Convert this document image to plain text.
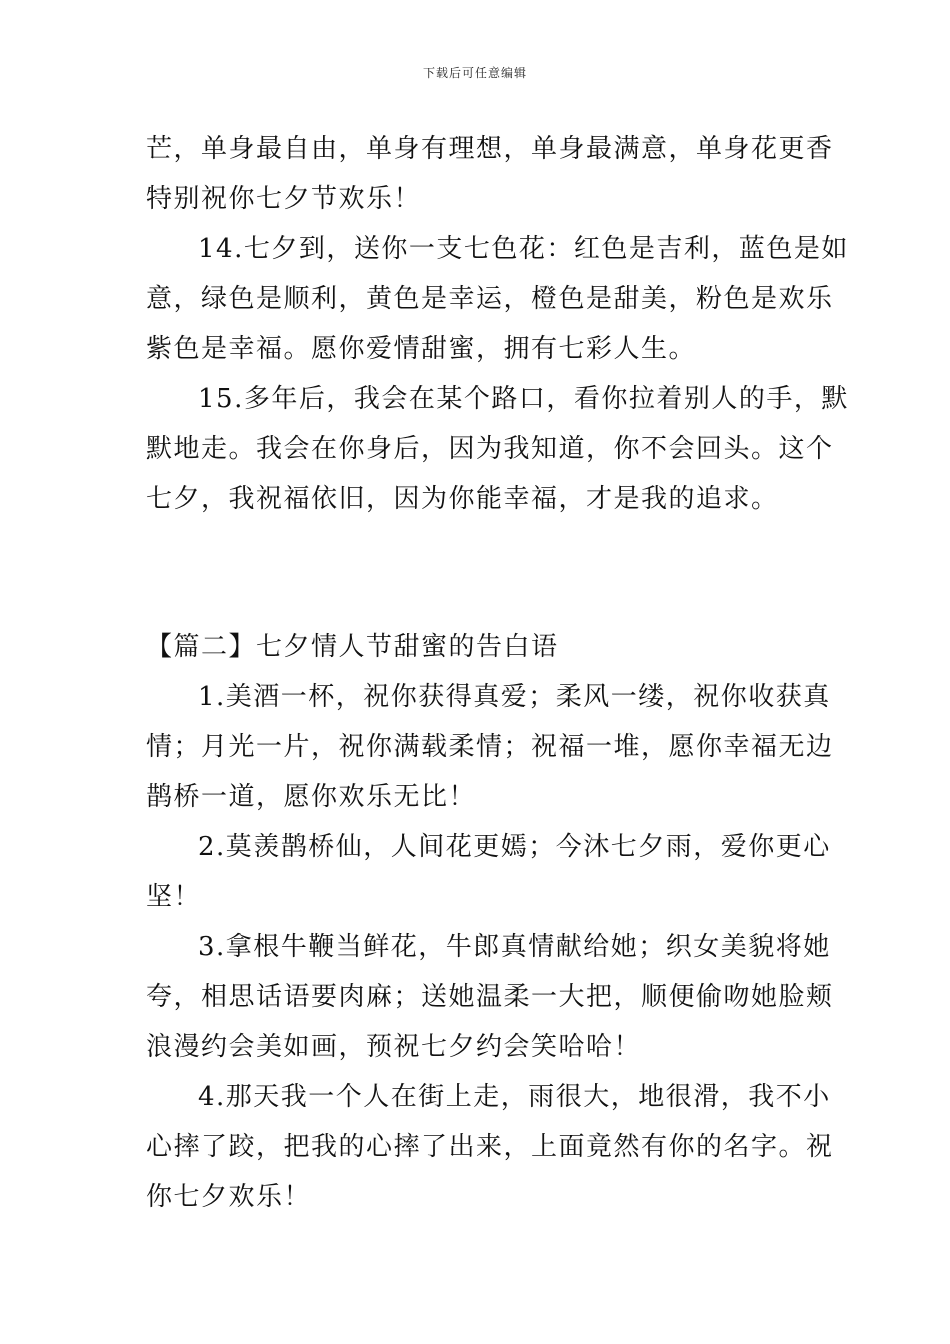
下载后可任意编辑
芒，单身最自由，单身有理想，单身最满意，单身花更香
特别祝你七夕节欢乐！
14.七夕到，送你一支七色花：红色是吉利，蓝色是如
意，绿色是顺利，黄色是幸运，橙色是甜美，粉色是欢乐
紫色是幸福。愿你爱情甜蜜，拥有七彩人生。
15.多年后，我会在某个路口，看你拉着别人的手，默
默地走。我会在你身后，因为我知道，你不会回头。这个
七夕，我祝福依旧，因为你能幸福，才是我的追求。
【篇二】七夕情人节甜蜜的告白语
1.美酒一杯，祝你获得真爱；柔风一缕，祝你收获真
情；月光一片，祝你满载柔情；祝福一堆，愿你幸福无边
鹊桥一道，愿你欢乐无比！
2.莫羡鹊桥仙，人间花更嫣；今沐七夕雨，爱你更心
坚！
3.拿根牛鞭当鲜花，牛郎真情献给她；织女美貌将她
夸，相思话语要肉麻；送她温柔一大把，顺便偷吻她脸颊
浪漫约会美如画，预祝七夕约会笑哈哈！
4.那天我一个人在街上走，雨很大，地很滑，我不小
心摔了跤，把我的心摔了出来，上面竟然有你的名字。祝
你七夕欢乐！
